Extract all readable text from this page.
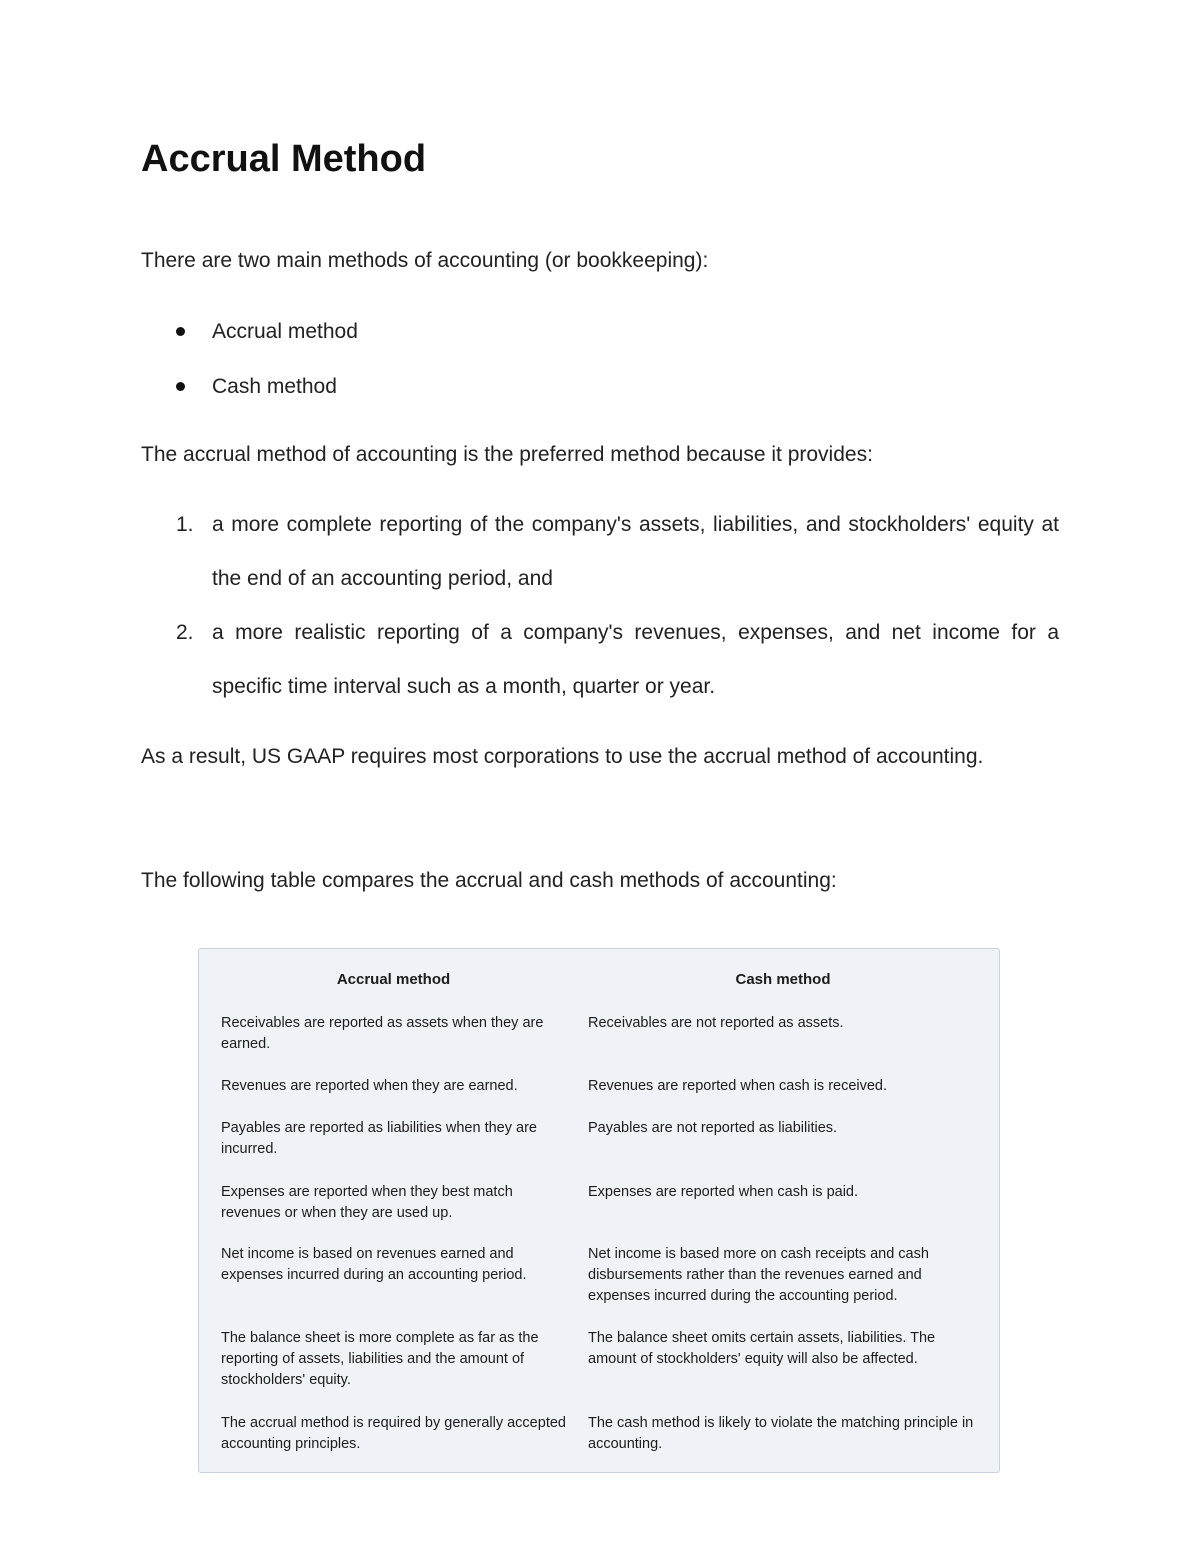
Accrual Method

There are two main methods of accounting (or bookkeeping):

Accrual method
Cash method

The accrual method of accounting is the preferred method because it provides:

1. a more complete reporting of the company's assets, liabilities, and stockholders' equity at the end of an accounting period, and
2. a more realistic reporting of a company's revenues, expenses, and net income for a specific time interval such as a month, quarter or year.

As a result, US GAAP requires most corporations to use the accrual method of accounting.

The following table compares the accrual and cash methods of accounting:

Accrual method	Cash method
Receivables are reported as assets when they are earned.
Receivables are not reported as assets.
Revenues are reported when they are earned.	Revenues are reported when cash is received.
Payables are reported as liabilities when they are incurred.
Payables are not reported as liabilities.
Expenses are reported when they best match revenues or when they are used up.
Expenses are reported when cash is paid.
Net income is based on revenues earned and expenses incurred during an accounting period.
Net income is based more on cash receipts and cash disbursements rather than the revenues earned and expenses incurred during the accounting period.
The balance sheet is more complete as far as the reporting of assets, liabilities and the amount of stockholders' equity.
The balance sheet omits certain assets, liabilities. The amount of stockholders' equity will also be affected.
The accrual method is required by generally accepted accounting principles.
The cash method is likely to violate the matching principle in accounting.
